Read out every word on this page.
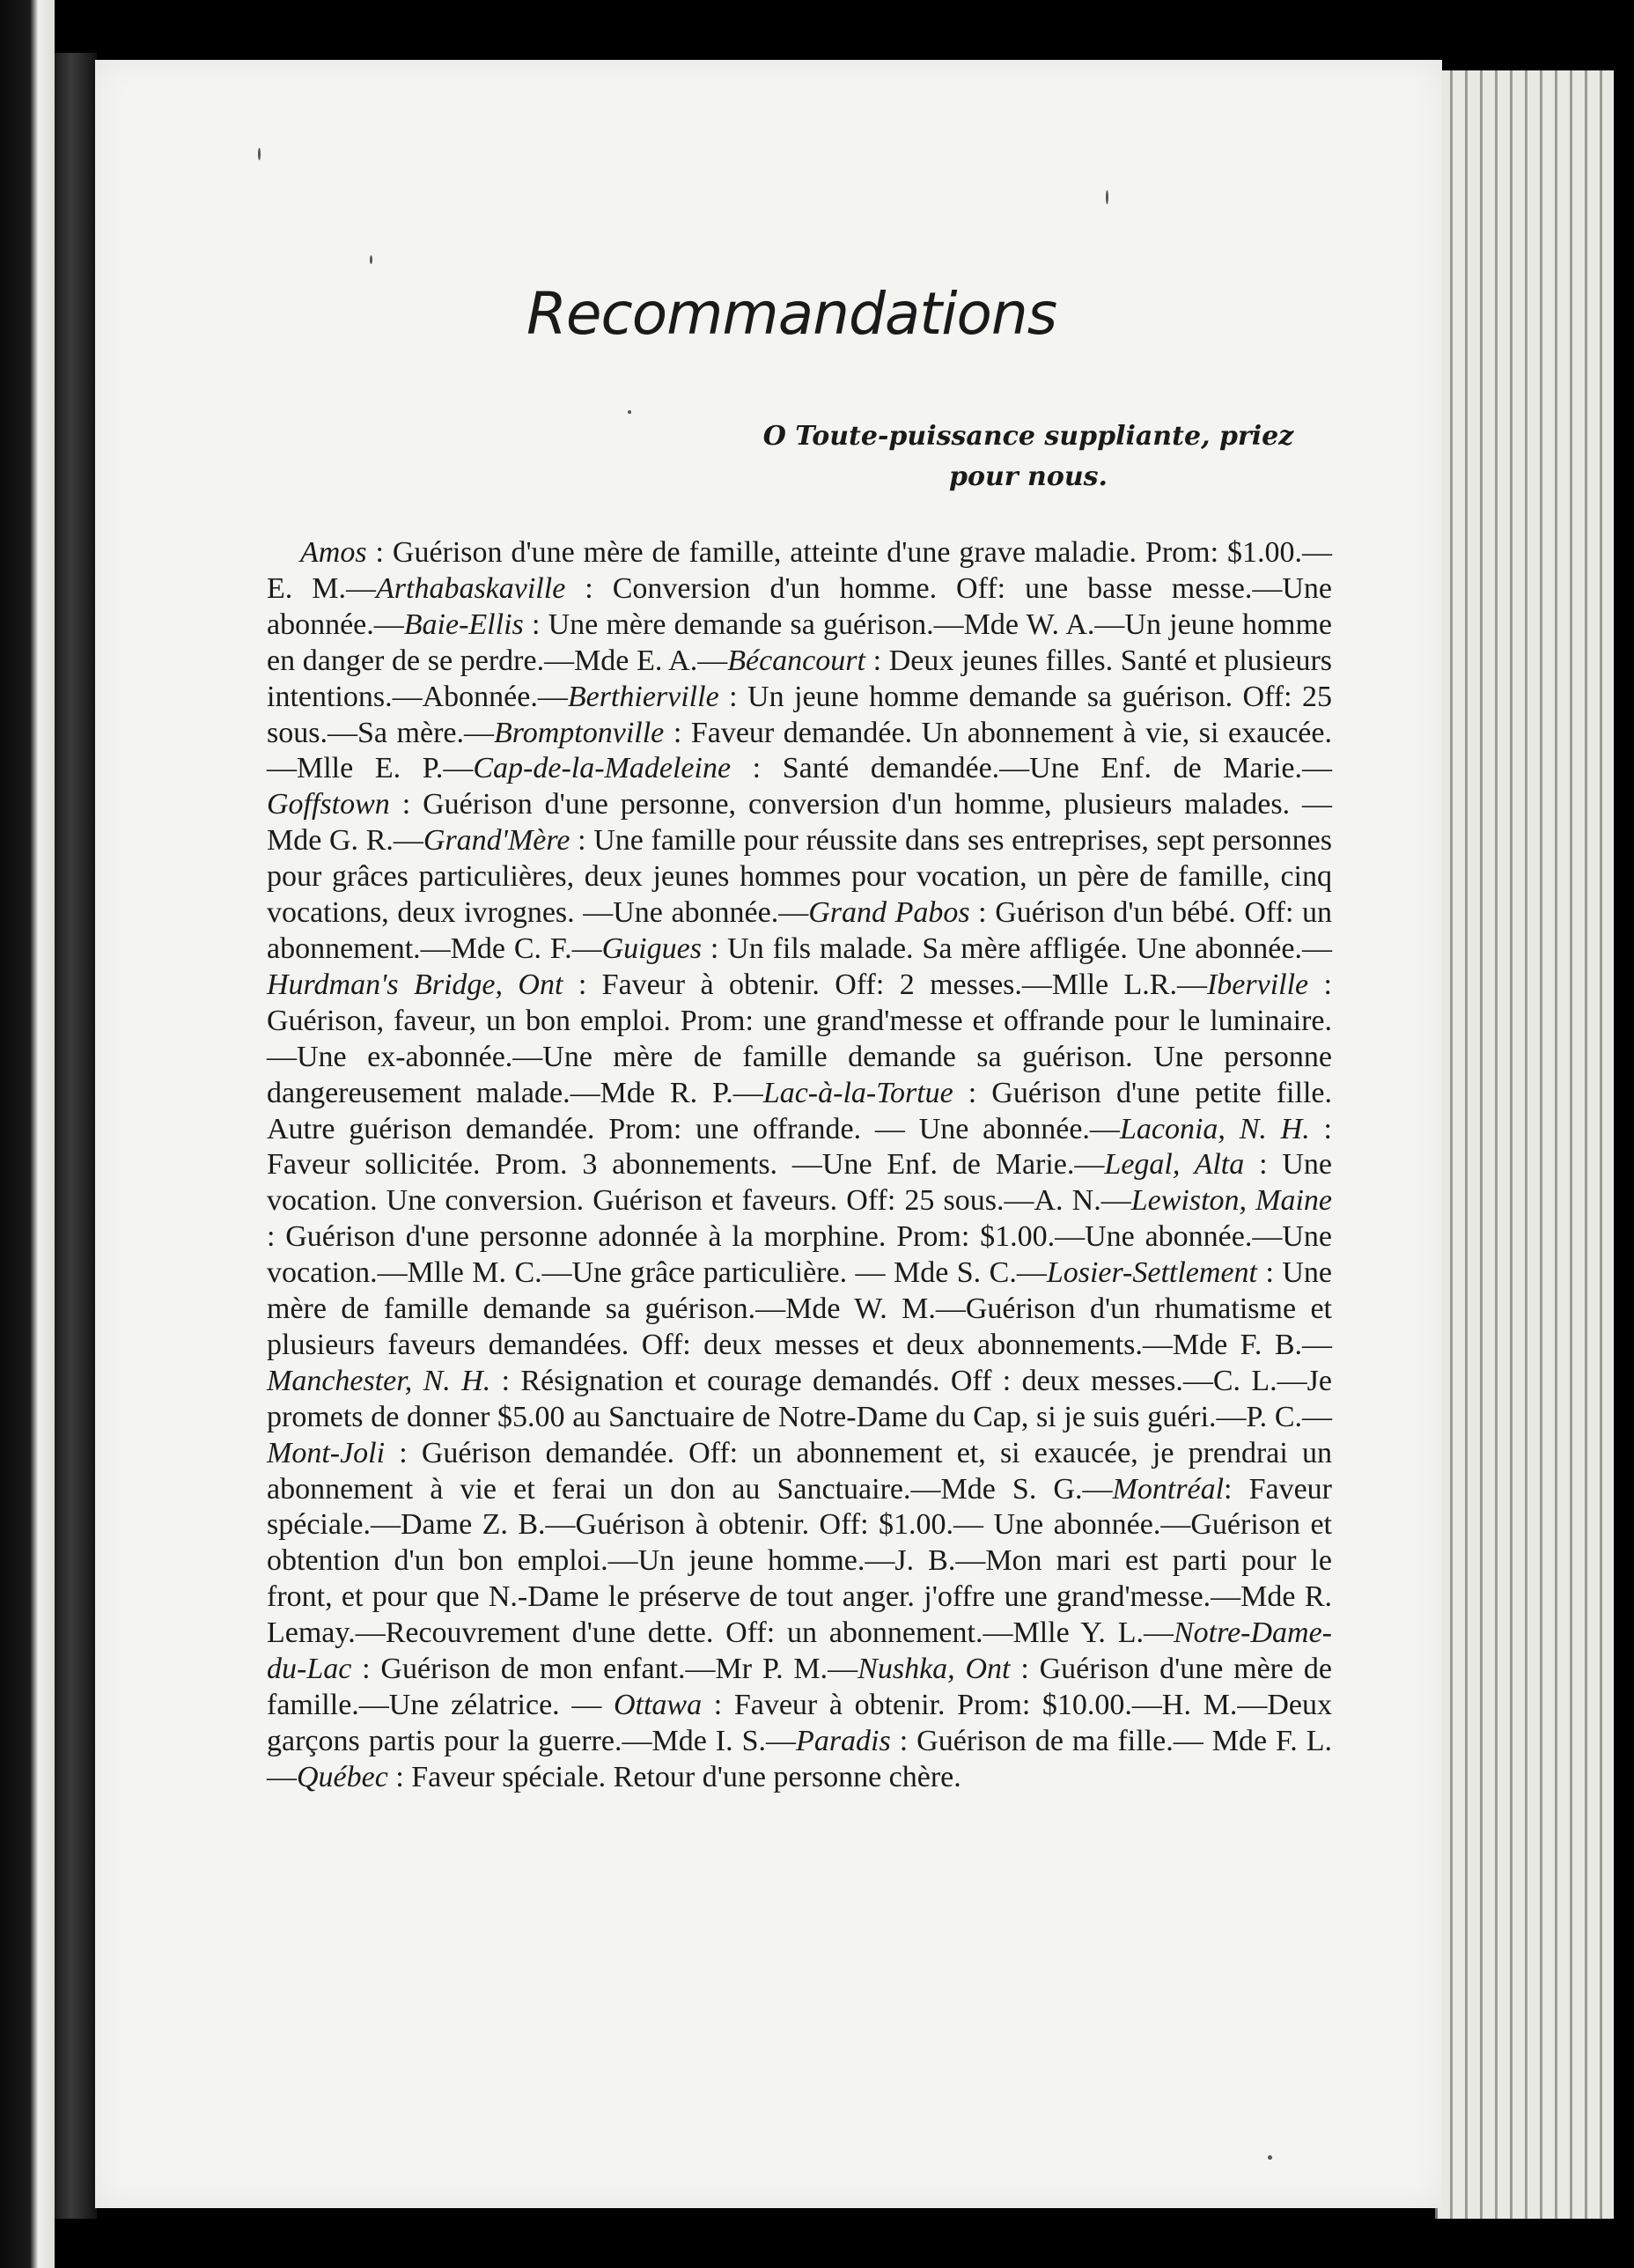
Recommandations
O Toute-puissance suppliante, priez
pour nous.
Amos : Guérison d'une mère de famille, atteinte d'une grave maladie. Prom: $1.00.—E. M.—Arthabaskaville : Conversion d'un homme. Off: une basse messe.—Une abonnée.—Baie-Ellis : Une mère demande sa guérison.—Mde W. A.—Un jeune homme en danger de se perdre.—Mde E. A.—Bécancourt : Deux jeunes filles. Santé et plusieurs intentions.—Abonnée.—Berthierville : Un jeune homme demande sa guérison. Off: 25 sous.—Sa mère.—Bromptonville : Faveur demandée. Un abonnement à vie, si exaucée.—Mlle E. P.—Cap-de-la-Madeleine : Santé demandée.—Une Enf. de Marie.—Goffstown : Guérison d'une personne, conversion d'un homme, plusieurs malades. —Mde G. R.—Grand'Mère : Une famille pour réussite dans ses entreprises, sept personnes pour grâces particulières, deux jeunes hommes pour vocation, un père de famille, cinq vocations, deux ivrognes. —Une abonnée.—Grand Pabos : Guérison d'un bébé. Off: un abonnement.—Mde C. F.—Guigues : Un fils malade. Sa mère affligée. Une abonnée.—Hurdman's Bridge, Ont : Faveur à obtenir. Off: 2 messes.—Mlle L.R.—Iberville : Guérison, faveur, un bon emploi. Prom: une grand'messe et offrande pour le luminaire.—Une ex-abonnée.—Une mère de famille demande sa guérison. Une personne dangereusement malade.—Mde R. P.—Lac-à-la-Tortue : Guérison d'une petite fille. Autre guérison demandée. Prom: une offrande. — Une abonnée.—Laconia, N. H. : Faveur sollicitée. Prom. 3 abonnements. —Une Enf. de Marie.—Legal, Alta : Une vocation. Une conversion. Guérison et faveurs. Off: 25 sous.—A. N.—Lewiston, Maine : Guérison d'une personne adonnée à la morphine. Prom: $1.00.—Une abonnée.—Une vocation.—Mlle M. C.—Une grâce particulière. — Mde S. C.—Losier-Settlement : Une mère de famille demande sa guérison.—Mde W. M.—Guérison d'un rhumatisme et plusieurs faveurs demandées. Off: deux messes et deux abonnements.—Mde F. B.—Manchester, N. H. : Résignation et courage demandés. Off : deux messes.—C. L.—Je promets de donner $5.00 au Sanctuaire de Notre-Dame du Cap, si je suis guéri.—P. C.—Mont-Joli : Guérison demandée. Off: un abonnement et, si exaucée, je prendrai un abonnement à vie et ferai un don au Sanctuaire.—Mde S. G.—Montréal: Faveur spéciale.—Dame Z. B.—Guérison à obtenir. Off: $1.00.— Une abonnée.—Guérison et obtention d'un bon emploi.—Un jeune homme.—J. B.—Mon mari est parti pour le front, et pour que N.-Dame le préserve de tout anger. j'offre une grand'messe.—Mde R. Lemay.—Recouvrement d'une dette. Off: un abonnement.—Mlle Y. L.—Notre-Dame-du-Lac : Guérison de mon enfant.—Mr P. M.—Nushka, Ont : Guérison d'une mère de famille.—Une zélatrice. — Ottawa : Faveur à obtenir. Prom: $10.00.—H. M.—Deux garçons partis pour la guerre.—Mde I. S.—Paradis : Guérison de ma fille.— Mde F. L.—Québec : Faveur spéciale. Retour d'une personne chère.
